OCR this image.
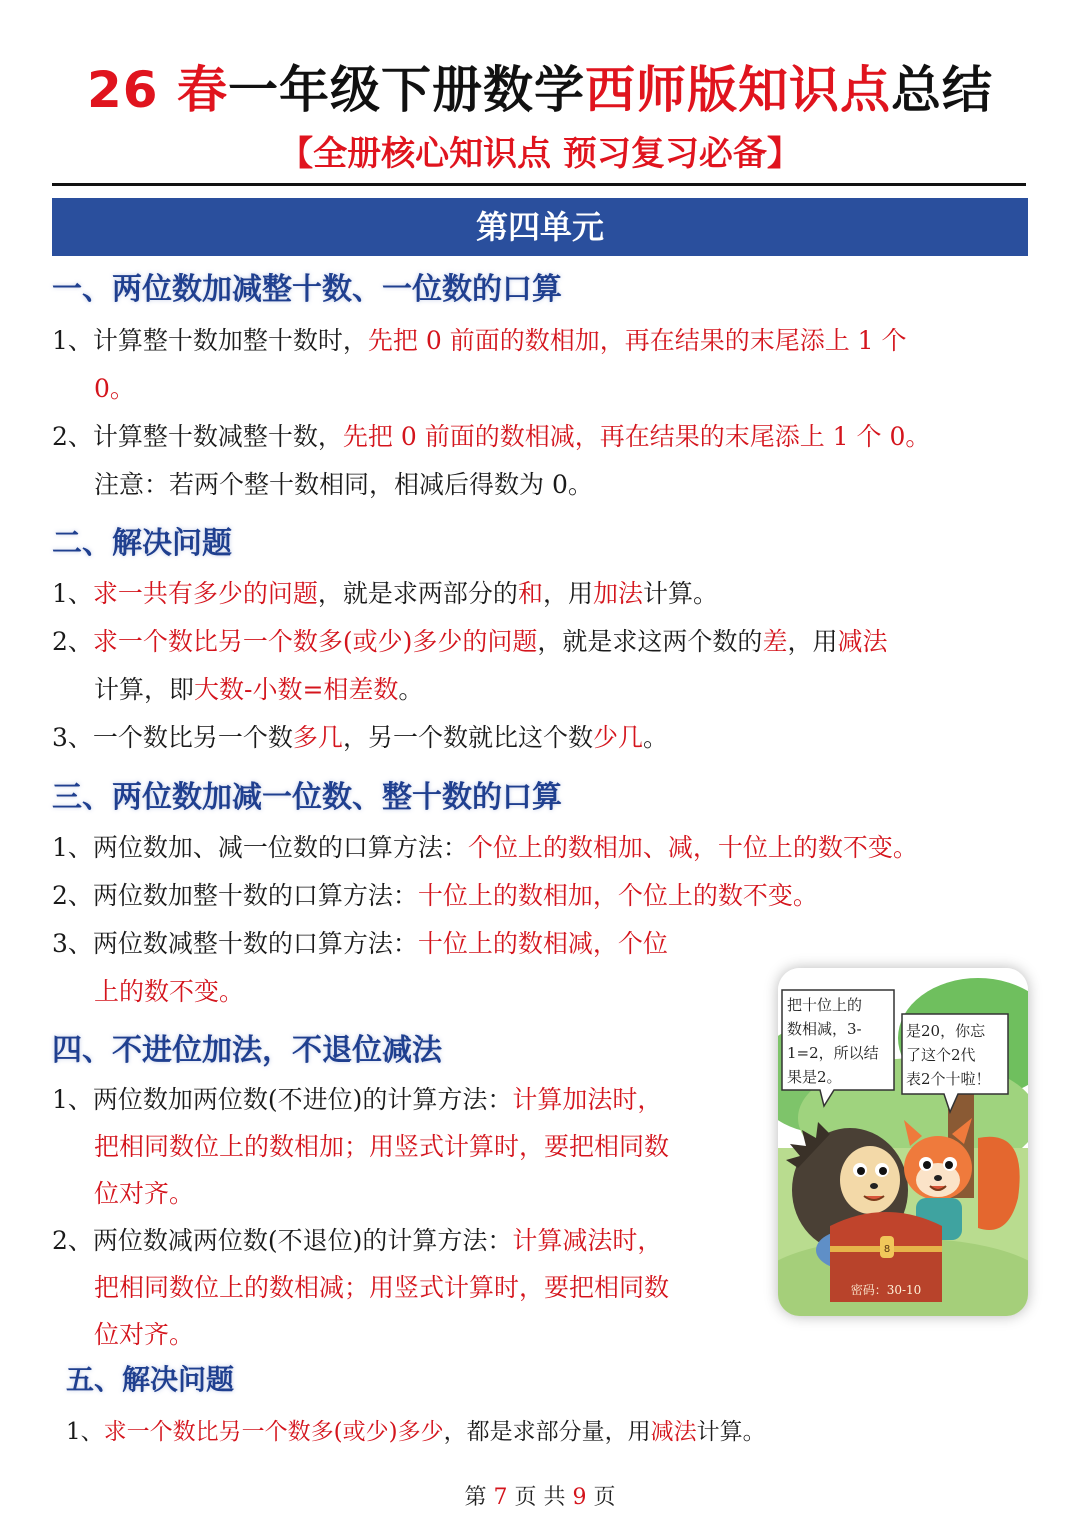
26 春一年级下册数学西师版知识点总结
【全册核心知识点 预习复习必备】
第四单元
一、两位数加减整十数、一位数的口算
1、计算整十数加整十数时，先把 0 前面的数相加，再在结果的末尾添上 1 个
0。
2、计算整十数减整十数，先把 0 前面的数相减，再在结果的末尾添上 1 个 0。
注意：若两个整十数相同，相减后得数为 0。
二、解决问题
1、求一共有多少的问题，就是求两部分的和，用加法计算。
2、求一个数比另一个数多(或少)多少的问题，就是求这两个数的差，用减法
计算，即大数-小数=相差数。
3、一个数比另一个数多几，另一个数就比这个数少几。
三、两位数加减一位数、整十数的口算
1、两位数加、减一位数的口算方法：个位上的数相加、减，十位上的数不变。
2、两位数加整十数的口算方法：十位上的数相加，个位上的数不变。
3、两位数减整十数的口算方法：十位上的数相减，个位
上的数不变。
四、不进位加法，不退位减法
1、两位数加两位数(不进位)的计算方法：计算加法时，
把相同数位上的数相加；用竖式计算时，要把相同数
位对齐。
2、两位数减两位数(不退位)的计算方法：计算减法时，
把相同数位上的数相减；用竖式计算时，要把相同数
位对齐。
五、解决问题
1、求一个数比另一个数多(或少)多少，都是求部分量，用减法计算。
把十位上的
数相减，3-
1=2，所以结
果是2。
是20，你忘
了这个2代
表2个十啦！
8
密码：30-10
第 7 页 共 9 页
